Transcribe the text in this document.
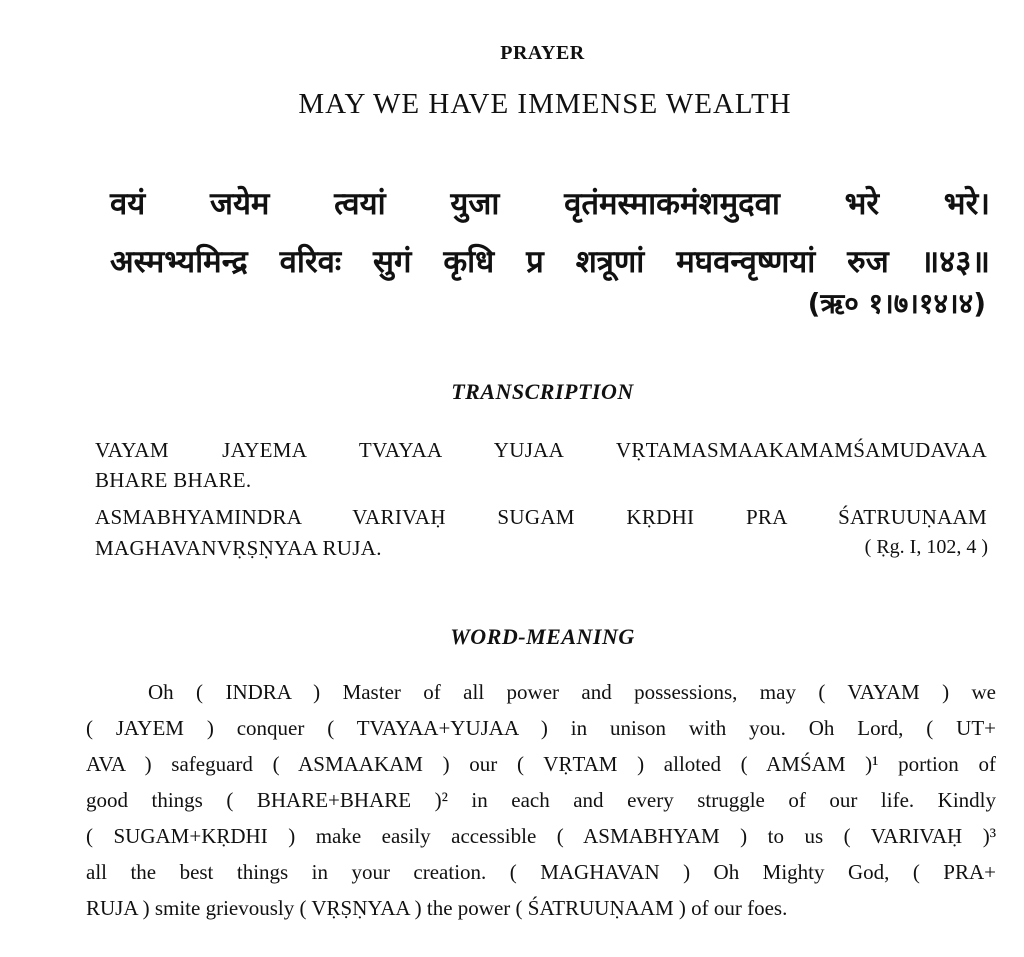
PRAYER
MAY WE HAVE IMMENSE WEALTH
वयं जयेम त्वयां युजा वृतंमस्माकमंशमुदवा भरे भरे।
अस्मभ्यमिन्द्र वरिवः सुगं कृधि प्र शत्रूणां मघवन्वृष्णयां रुज ॥४३॥
(ऋ० १।७।१४।४)
TRANSCRIPTION
VAYAM JAYEMA TVAYAA YUJAA VṚTAMASMAAKAMAMŚAMUDAVAA
BHARE BHARE.
ASMABHYAMINDRA VARIVAḤ SUGAM KṚDHI PRA ŚATRUUṆAAM
MAGHAVANVṚṢṆYAA RUJA.	( Ṛg. I, 102, 4 )
WORD-MEANING
Oh ( INDRA ) Master of all power and possessions, may ( VAYAM ) we
( JAYEM ) conquer ( TVAYAA+YUJAA ) in unison with you. Oh Lord, ( UT+
AVA ) safeguard ( ASMAAKAM ) our ( VṚTAM ) alloted ( AMŚAM )¹ portion of
good things ( BHARE+BHARE )² in each and every struggle of our life. Kindly
( SUGAM+KṚDHI ) make easily accessible ( ASMABHYAM ) to us ( VARIVAḤ )³
all the best things in your creation. ( MAGHAVAN ) Oh Mighty God, ( PRA+
RUJA ) smite grievously ( VṚṢṆYAA ) the power ( ŚATRUUṆAAM ) of our foes.
